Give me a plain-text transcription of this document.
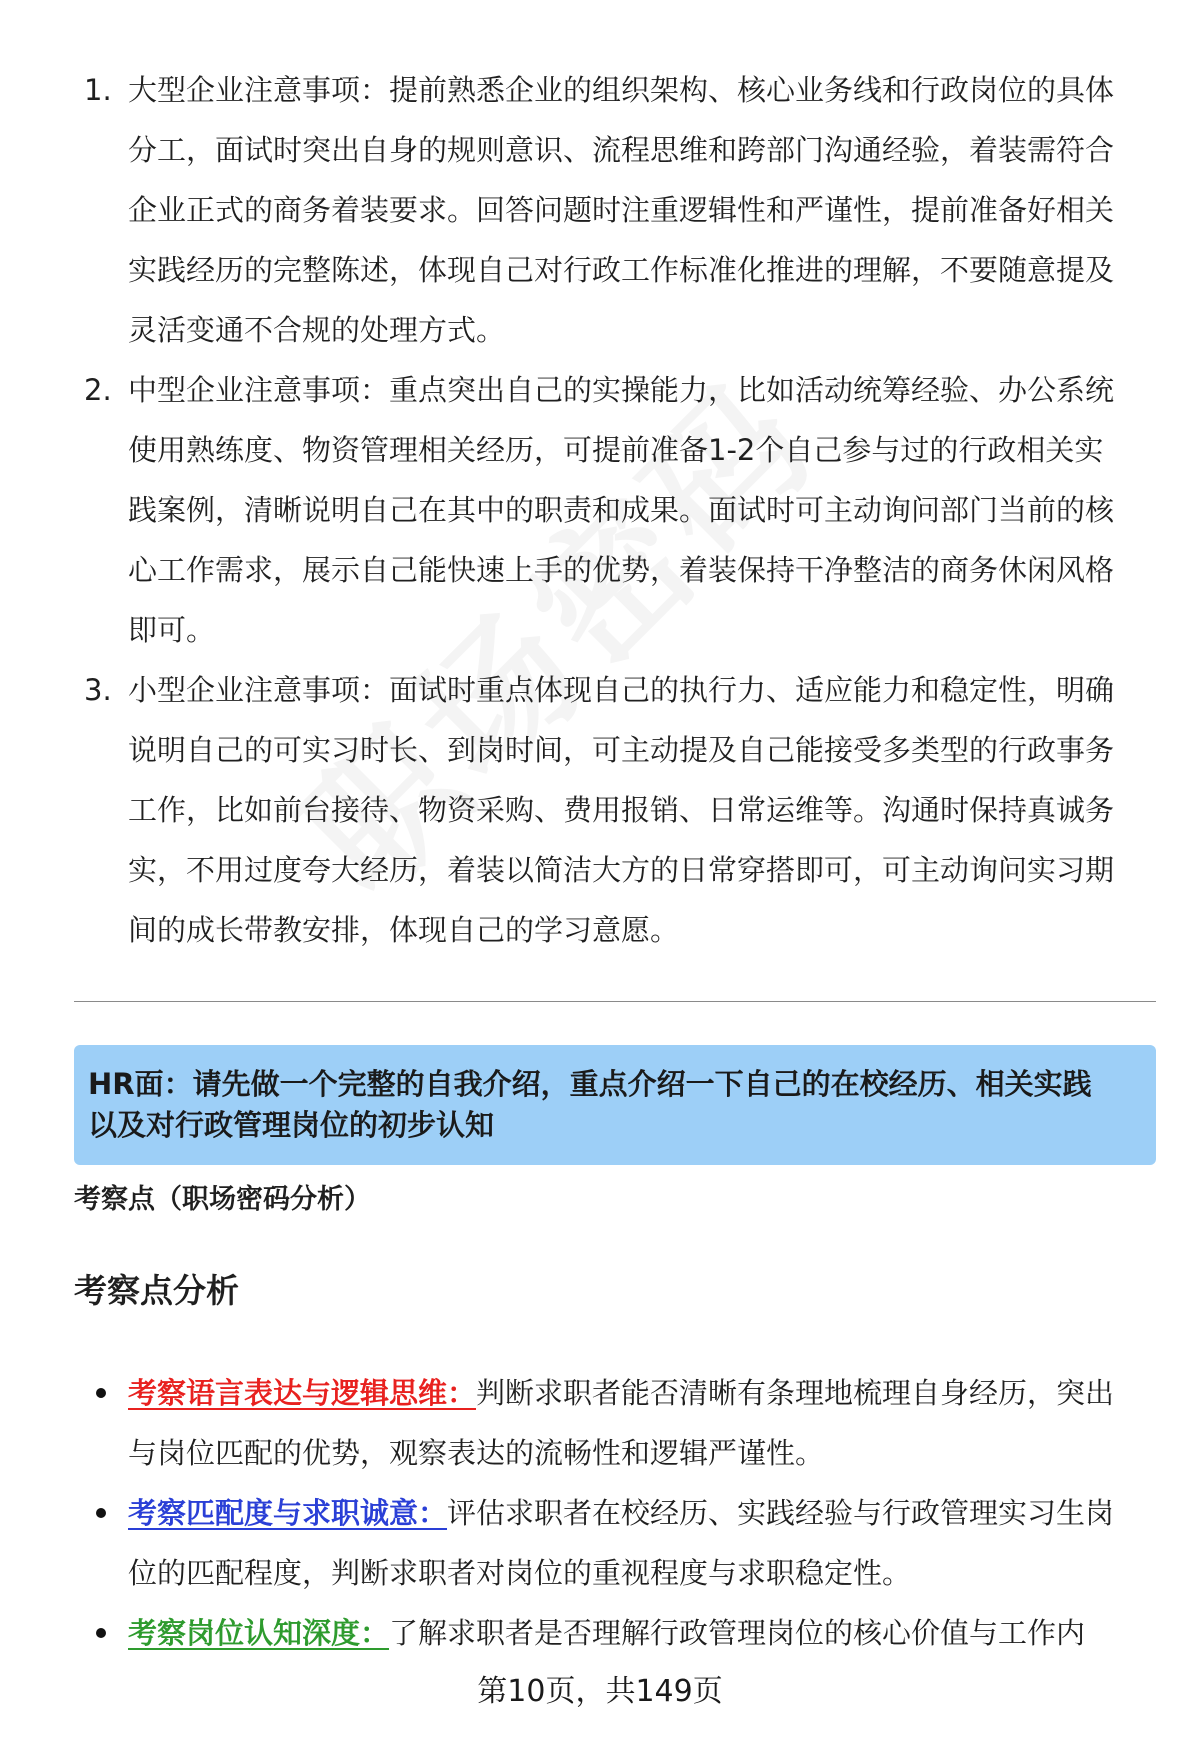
1. 大型企业注意事项：提前熟悉企业的组织架构、核心业务线和行政岗位的具体
分工，面试时突出自身的规则意识、流程思维和跨部门沟通经验，着装需符合
企业正式的商务着装要求。回答问题时注重逻辑性和严谨性，提前准备好相关
实践经历的完整陈述，体现自己对行政工作标准化推进的理解，不要随意提及
灵活变通不合规的处理方式。
2. 中型企业注意事项：重点突出自己的实操能力，比如活动统筹经验、办公系统
使用熟练度、物资管理相关经历，可提前准备1-2个自己参与过的行政相关实
践案例，清晰说明自己在其中的职责和成果。面试时可主动询问部门当前的核
心工作需求，展示自己能快速上手的优势，着装保持干净整洁的商务休闲风格
即可。
3. 小型企业注意事项：面试时重点体现自己的执行力、适应能力和稳定性，明确
说明自己的可实习时长、到岗时间，可主动提及自己能接受多类型的行政事务
工作，比如前台接待、物资采购、费用报销、日常运维等。沟通时保持真诚务
实，不用过度夸大经历，着装以简洁大方的日常穿搭即可，可主动询问实习期
间的成长带教安排，体现自己的学习意愿。
HR面：请先做一个完整的自我介绍，重点介绍一下自己的在校经历、相关实践
以及对行政管理岗位的初步认知
考察点（职场密码分析）
考察点分析
考察语言表达与逻辑思维：判断求职者能否清晰有条理地梳理自身经历，突出
与岗位匹配的优势，观察表达的流畅性和逻辑严谨性。
考察匹配度与求职诚意：评估求职者在校经历、实践经验与行政管理实习生岗
位的匹配程度，判断求职者对岗位的重视程度与求职稳定性。
考察岗位认知深度：了解求职者是否理解行政管理岗位的核心价值与工作内
第10页，共149页
